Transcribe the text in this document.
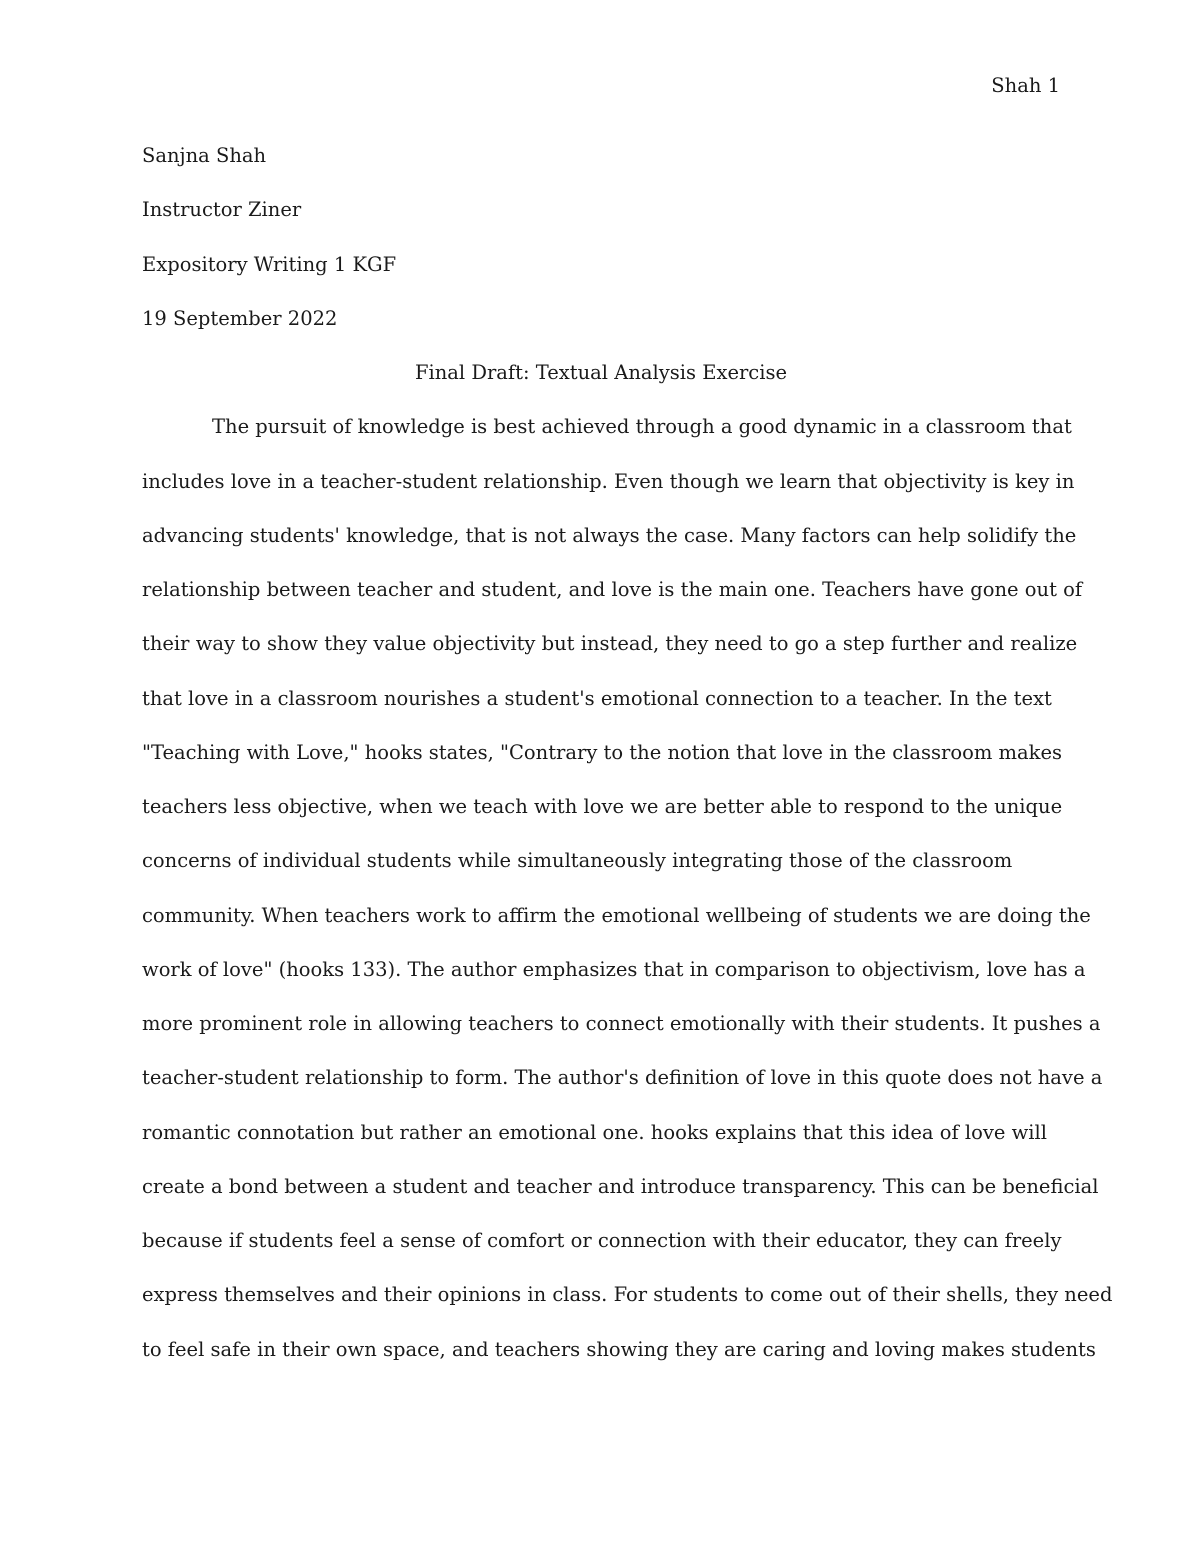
Shah 1
Sanjna Shah
Instructor Ziner
Expository Writing 1 KGF
19 September 2022
Final Draft: Textual Analysis Exercise
The pursuit of knowledge is best achieved through a good dynamic in a classroom that
includes love in a teacher-student relationship. Even though we learn that objectivity is key in
advancing students' knowledge, that is not always the case. Many factors can help solidify the
relationship between teacher and student, and love is the main one. Teachers have gone out of
their way to show they value objectivity but instead, they need to go a step further and realize
that love in a classroom nourishes a student's emotional connection to a teacher. In the text
"Teaching with Love," hooks states, "Contrary to the notion that love in the classroom makes
teachers less objective, when we teach with love we are better able to respond to the unique
concerns of individual students while simultaneously integrating those of the classroom
community. When teachers work to affirm the emotional wellbeing of students we are doing the
work of love" (hooks 133). The author emphasizes that in comparison to objectivism, love has a
more prominent role in allowing teachers to connect emotionally with their students. It pushes a
teacher-student relationship to form. The author's definition of love in this quote does not have a
romantic connotation but rather an emotional one. hooks explains that this idea of love will
create a bond between a student and teacher and introduce transparency. This can be beneficial
because if students feel a sense of comfort or connection with their educator, they can freely
express themselves and their opinions in class. For students to come out of their shells, they need
to feel safe in their own space, and teachers showing they are caring and loving makes students
